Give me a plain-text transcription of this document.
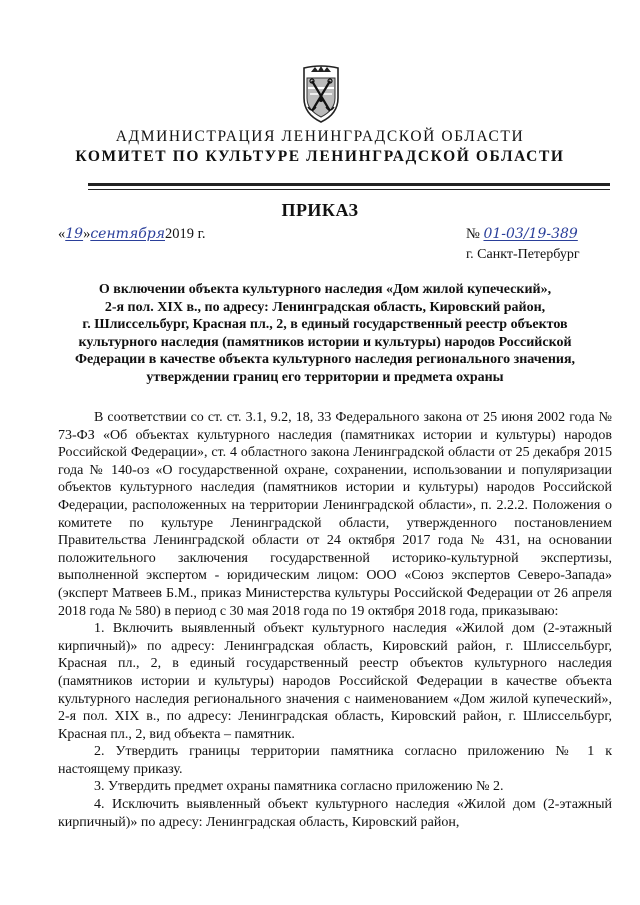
АДМИНИСТРАЦИЯ ЛЕНИНГРАДСКОЙ ОБЛАСТИ
КОМИТЕТ ПО КУЛЬТУРЕ ЛЕНИНГРАДСКОЙ ОБЛАСТИ
ПРИКАЗ
«19»сентября2019 г.	№ 01-03/19-389
г. Санкт-Петербург
О включении объекта культурного наследия «Дом жилой купеческий»,
2-я пол. XIX в., по адресу: Ленинградская область, Кировский район,
г. Шлиссельбург, Красная пл., 2, в единый государственный реестр объектов
культурного наследия (памятников истории и культуры) народов Российской
Федерации в качестве объекта культурного наследия регионального значения,
утверждении границ его территории и предмета охраны

В соответствии со ст. ст. 3.1, 9.2, 18, 33 Федерального закона от 25 июня 2002 года № 73-ФЗ «Об объектах культурного наследия (памятниках истории и культуры) народов Российской Федерации», ст. 4 областного закона Ленинградской области от 25 декабря 2015 года № 140-оз «О государственной охране, сохранении, использовании и популяризации объектов культурного наследия (памятников истории и культуры) народов Российской Федерации, расположенных на территории Ленинградской области», п. 2.2.2. Положения о комитете по культуре Ленинградской области, утвержденного постановлением Правительства Ленинградской области от 24 октября 2017 года № 431, на основании положительного заключения государственной историко-культурной экспертизы, выполненной экспертом - юридическим лицом: ООО «Союз экспертов Северо-Запада» (эксперт Матвеев Б.М., приказ Министерства культуры Российской Федерации от 26 апреля 2018 года № 580) в период с 30 мая 2018 года по 19 октября 2018 года, приказываю:

1. Включить выявленный объект культурного наследия «Жилой дом (2-этажный кирпичный)» по адресу: Ленинградская область, Кировский район, г. Шлиссельбург, Красная пл., 2, в единый государственный реестр объектов культурного наследия (памятников истории и культуры) народов Российской Федерации в качестве объекта культурного наследия регионального значения с наименованием «Дом жилой купеческий», 2-я пол. XIX в., по адресу: Ленинградская область, Кировский район, г. Шлиссельбург, Красная пл., 2, вид объекта – памятник.

2. Утвердить границы территории памятника согласно приложению № 1 к настоящему приказу.

3. Утвердить предмет охраны памятника согласно приложению № 2.

4. Исключить выявленный объект культурного наследия «Жилой дом (2-этажный кирпичный)» по адресу: Ленинградская область, Кировский район,
